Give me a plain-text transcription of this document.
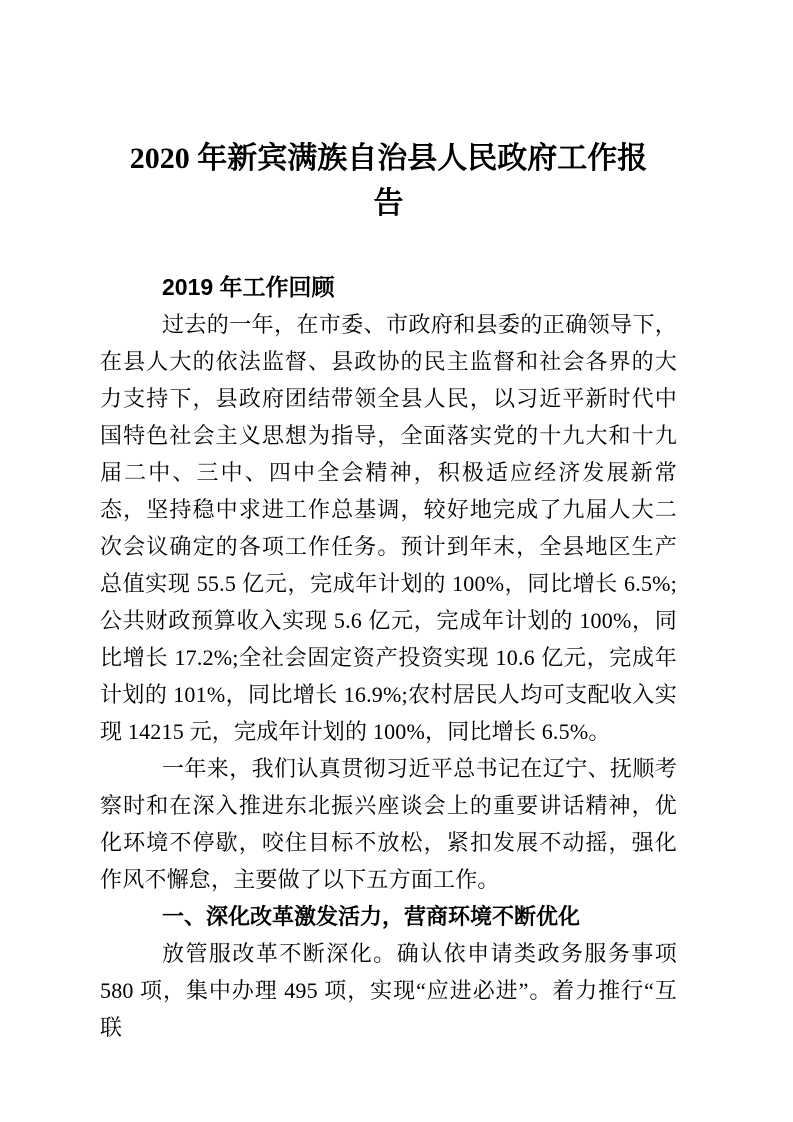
2020 年新宾满族自治县人民政府工作报告
2019 年工作回顾

过去的一年，在市委、市政府和县委的正确领导下，在县人大的依法监督、县政协的民主监督和社会各界的大力支持下，县政府团结带领全县人民，以习近平新时代中国特色社会主义思想为指导，全面落实党的十九大和十九届二中、三中、四中全会精神，积极适应经济发展新常态，坚持稳中求进工作总基调，较好地完成了九届人大二次会议确定的各项工作任务。预计到年末，全县地区生产总值实现 55.5 亿元，完成年计划的 100%，同比增长 6.5%;公共财政预算收入实现 5.6 亿元，完成年计划的 100%，同比增长 17.2%;全社会固定资产投资实现 10.6 亿元，完成年计划的 101%，同比增长 16.9%;农村居民人均可支配收入实现 14215 元，完成年计划的 100%，同比增长 6.5%。

一年来，我们认真贯彻习近平总书记在辽宁、抚顺考察时和在深入推进东北振兴座谈会上的重要讲话精神，优化环境不停歇，咬住目标不放松，紧扣发展不动摇，强化作风不懈怠，主要做了以下五方面工作。

一、深化改革激发活力，营商环境不断优化

放管服改革不断深化。确认依申请类政务服务事项 580 项，集中办理 495 项，实现“应进必进”。着力推行“互联
